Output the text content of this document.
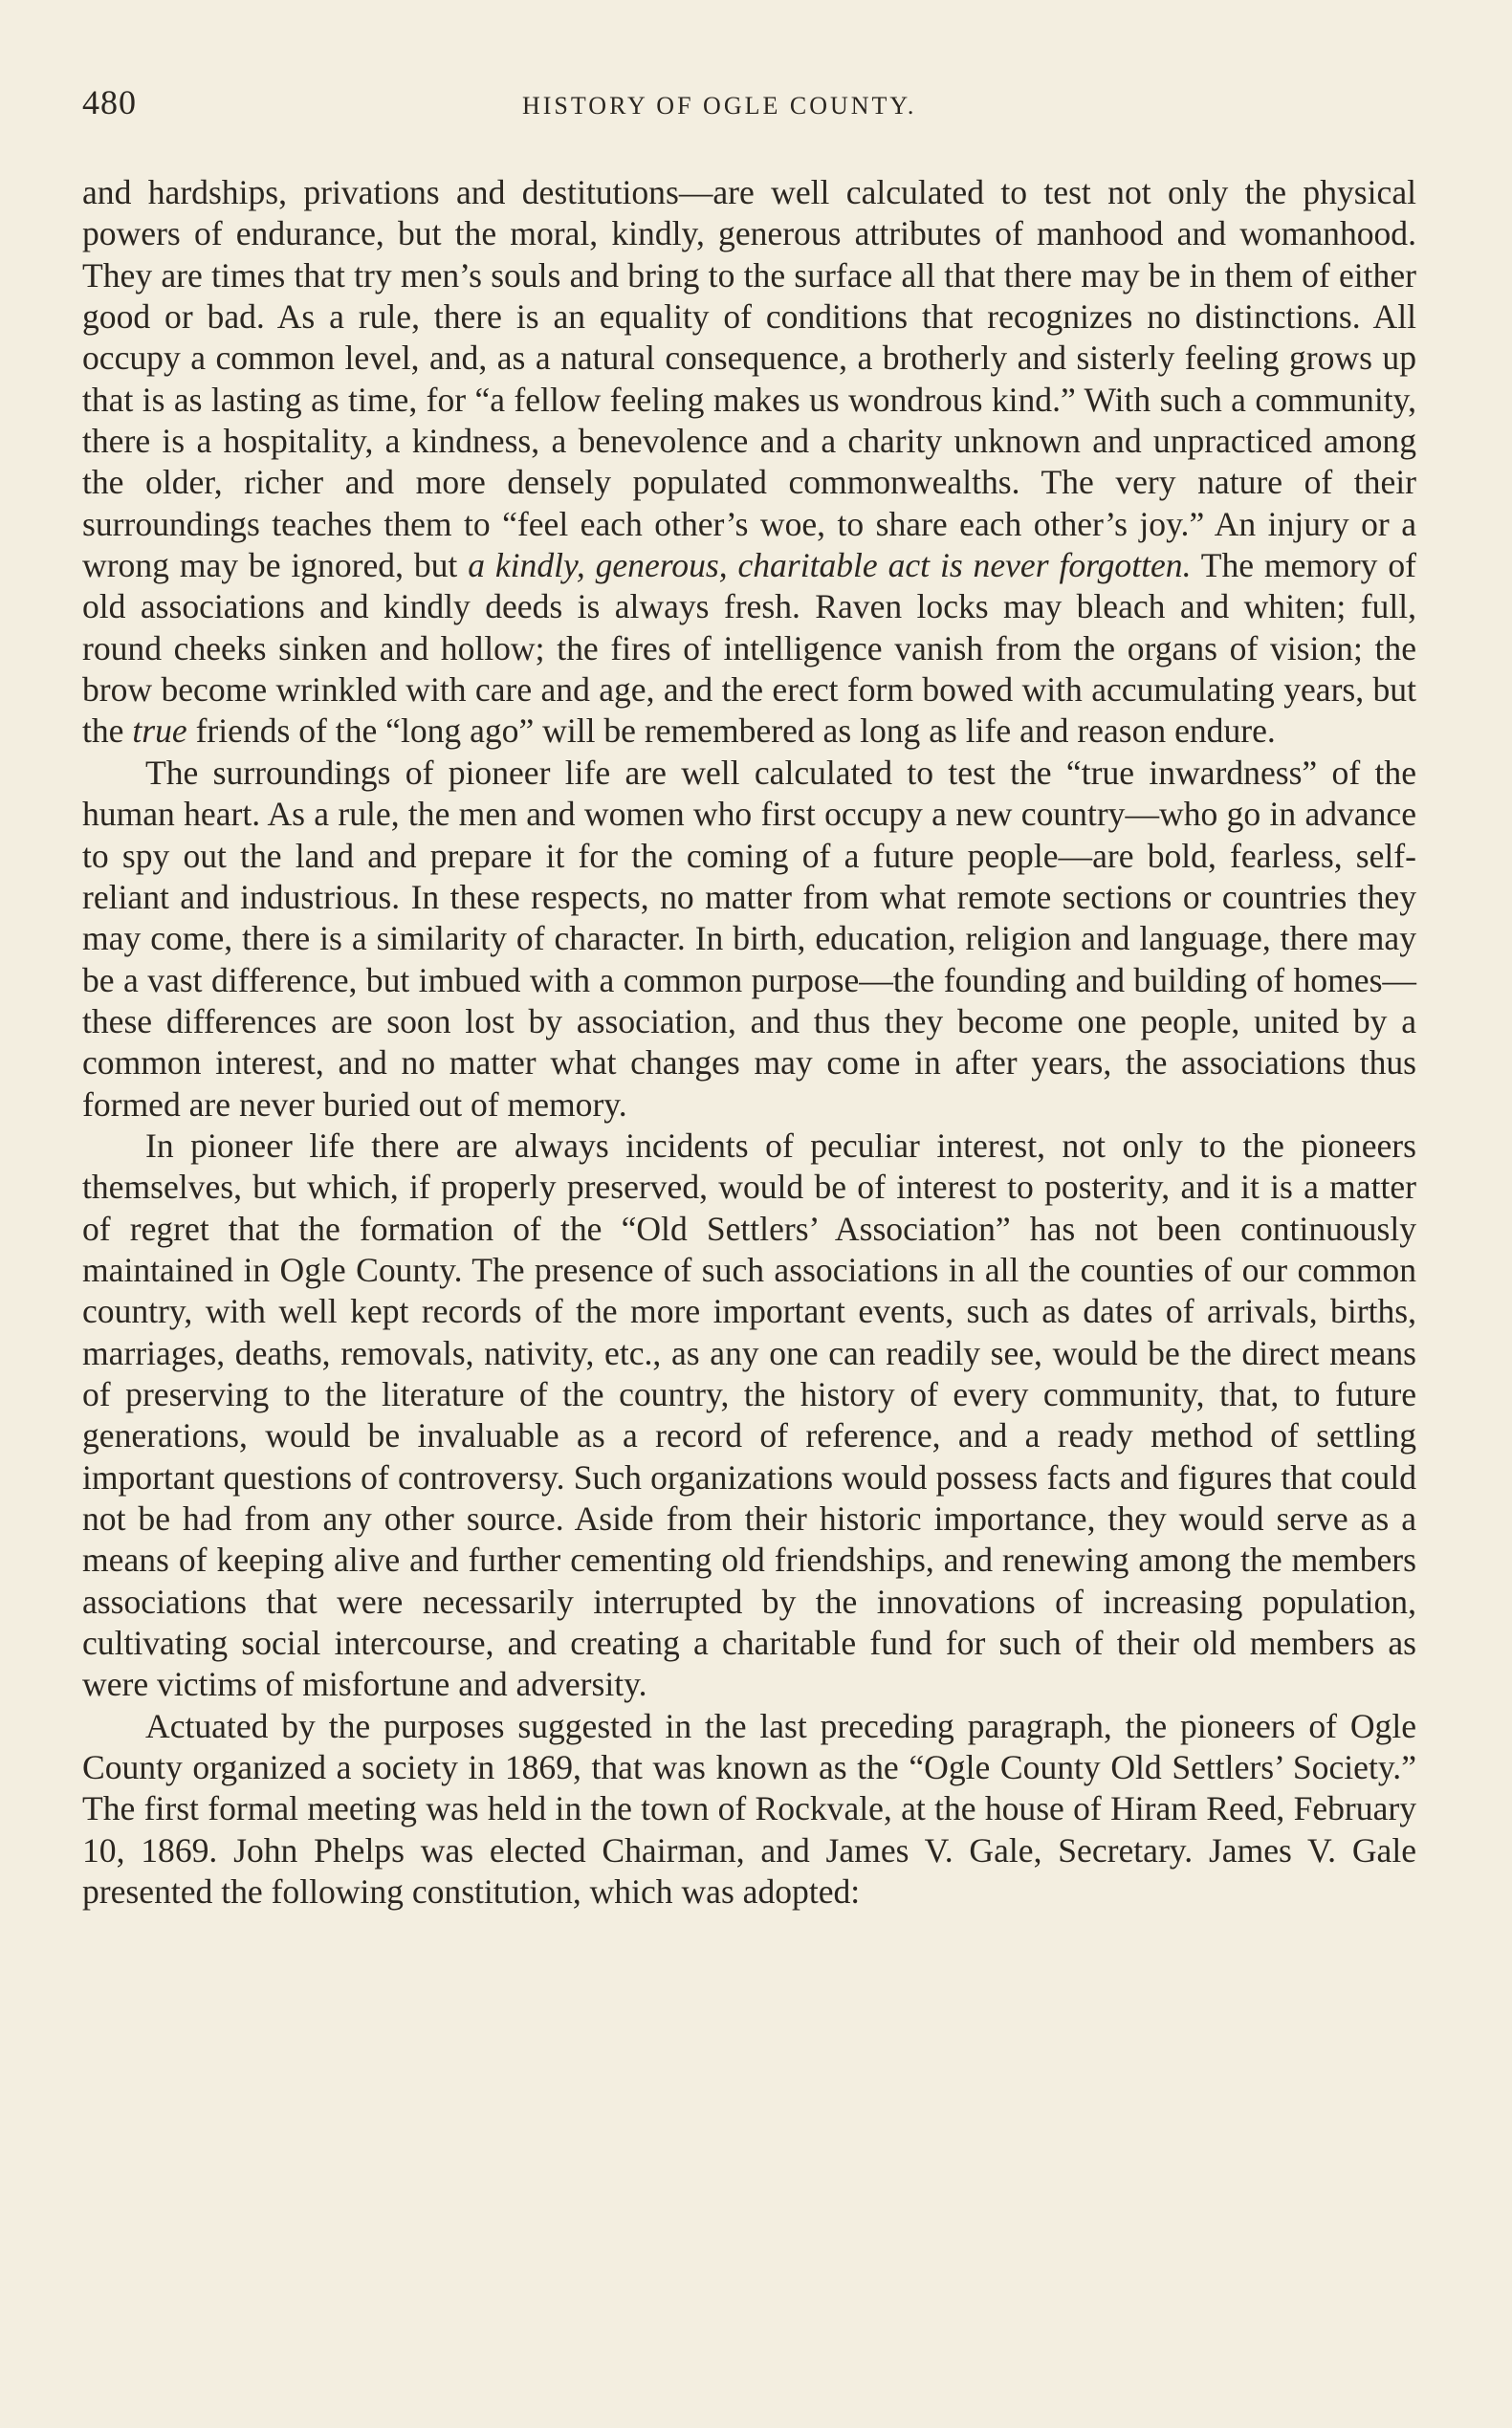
480	HISTORY OF OGLE COUNTY.

and hardships, privations and destitutions—are well calculated to test not only the physical powers of endurance, but the moral, kindly, generous attributes of manhood and womanhood. They are times that try men’s souls and bring to the surface all that there may be in them of either good or bad. As a rule, there is an equality of conditions that recognizes no distinctions. All occupy a common level, and, as a natural consequence, a brotherly and sisterly feeling grows up that is as lasting as time, for “a fellow feeling makes us wondrous kind.” With such a community, there is a hospitality, a kindness, a benevolence and a charity unknown and unpracticed among the older, richer and more densely populated commonwealths. The very nature of their surroundings teaches them to “feel each other’s woe, to share each other’s joy.” An injury or a wrong may be ignored, but a kindly, generous, charitable act is never forgotten. The memory of old associations and kindly deeds is always fresh. Raven locks may bleach and whiten; full, round cheeks sinken and hollow; the fires of intelligence vanish from the organs of vision; the brow become wrinkled with care and age, and the erect form bowed with accumulating years, but the true friends of the “long ago” will be remembered as long as life and reason endure.

The surroundings of pioneer life are well calculated to test the “true inwardness” of the human heart. As a rule, the men and women who first occupy a new country—who go in advance to spy out the land and prepare it for the coming of a future people—are bold, fearless, self-reliant and industrious. In these respects, no matter from what remote sections or countries they may come, there is a similarity of character. In birth, education, religion and language, there may be a vast difference, but imbued with a common purpose—the founding and building of homes—these differences are soon lost by association, and thus they become one people, united by a common interest, and no matter what changes may come in after years, the associations thus formed are never buried out of memory.

In pioneer life there are always incidents of peculiar interest, not only to the pioneers themselves, but which, if properly preserved, would be of interest to posterity, and it is a matter of regret that the formation of the “Old Settlers’ Association” has not been continuously maintained in Ogle County. The presence of such associations in all the counties of our common country, with well kept records of the more important events, such as dates of arrivals, births, marriages, deaths, removals, nativity, etc., as any one can readily see, would be the direct means of preserving to the literature of the country, the history of every community, that, to future generations, would be invaluable as a record of reference, and a ready method of settling important questions of controversy. Such organizations would possess facts and figures that could not be had from any other source. Aside from their historic importance, they would serve as a means of keeping alive and further cementing old friendships, and renewing among the members associations that were necessarily interrupted by the innovations of increasing population, cultivating social intercourse, and creating a charitable fund for such of their old members as were victims of misfortune and adversity.

Actuated by the purposes suggested in the last preceding paragraph, the pioneers of Ogle County organized a society in 1869, that was known as the “Ogle County Old Settlers’ Society.” The first formal meeting was held in the town of Rockvale, at the house of Hiram Reed, February 10, 1869. John Phelps was elected Chairman, and James V. Gale, Secretary. James V. Gale presented the following constitution, which was adopted:
